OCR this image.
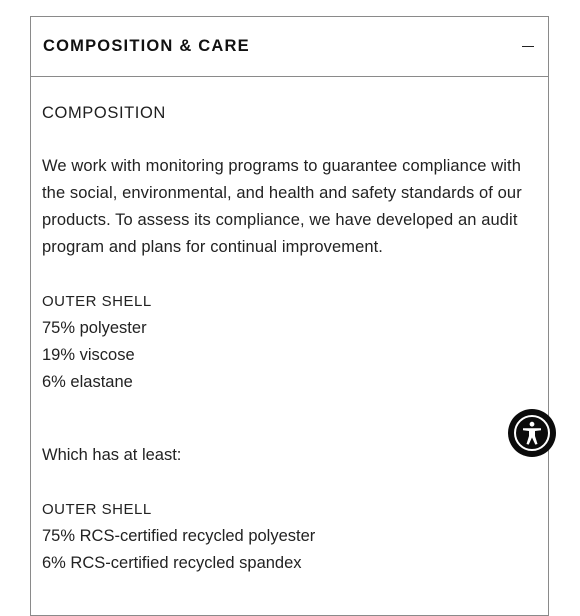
COMPOSITION & CARE
COMPOSITION
We work with monitoring programs to guarantee compliance with the social, environmental, and health and safety standards of our products. To assess its compliance, we have developed an audit program and plans for continual improvement.
OUTER SHELL
75% polyester
19% viscose
6% elastane
Which has at least:
OUTER SHELL
75% RCS-certified recycled polyester
6% RCS-certified recycled spandex
